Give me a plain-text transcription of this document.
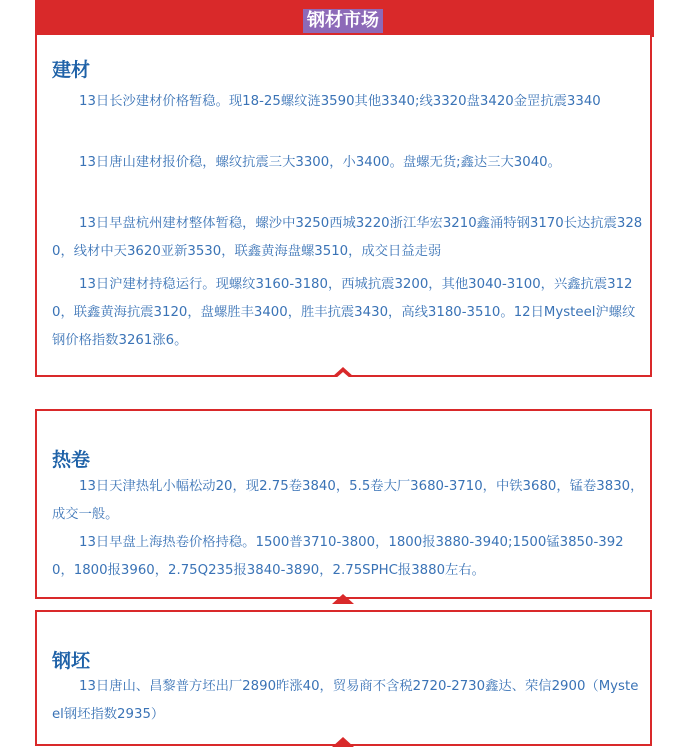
钢材市场
建材

13日长沙建材价格暂稳。现18-25螺纹涟3590其他3340;线3320盘3420金罡抗震3340

13日唐山建材报价稳，螺纹抗震三大3300，小3400。盘螺无货;鑫达三大3040。

13日早盘杭州建材整体暂稳，螺沙中3250西城3220浙江华宏3210鑫涌特钢3170长达抗震3280，线材中天3620亚新3530，联鑫黄海盘螺3510，成交日益走弱

13日沪建材持稳运行。现螺纹3160-3180，西城抗震3200，其他3040-3100，兴鑫抗震3120，联鑫黄海抗震3120，盘螺胜丰3400，胜丰抗震3430，高线3180-3510。12日Mysteel沪螺纹钢价格指数3261涨6。

热卷

13日天津热轧小幅松动20，现2.75卷3840，5.5卷大厂3680-3710，中铁3680，锰卷3830，成交一般。

13日早盘上海热卷价格持稳。1500普3710-3800，1800报3880-3940;1500锰3850-3920，1800报3960，2.75Q235报3840-3890，2.75SPHC报3880左右。

钢坯

13日唐山、昌黎普方坯出厂2890昨涨40，贸易商不含税2720-2730鑫达、荣信2900（Mysteel钢坯指数2935）
